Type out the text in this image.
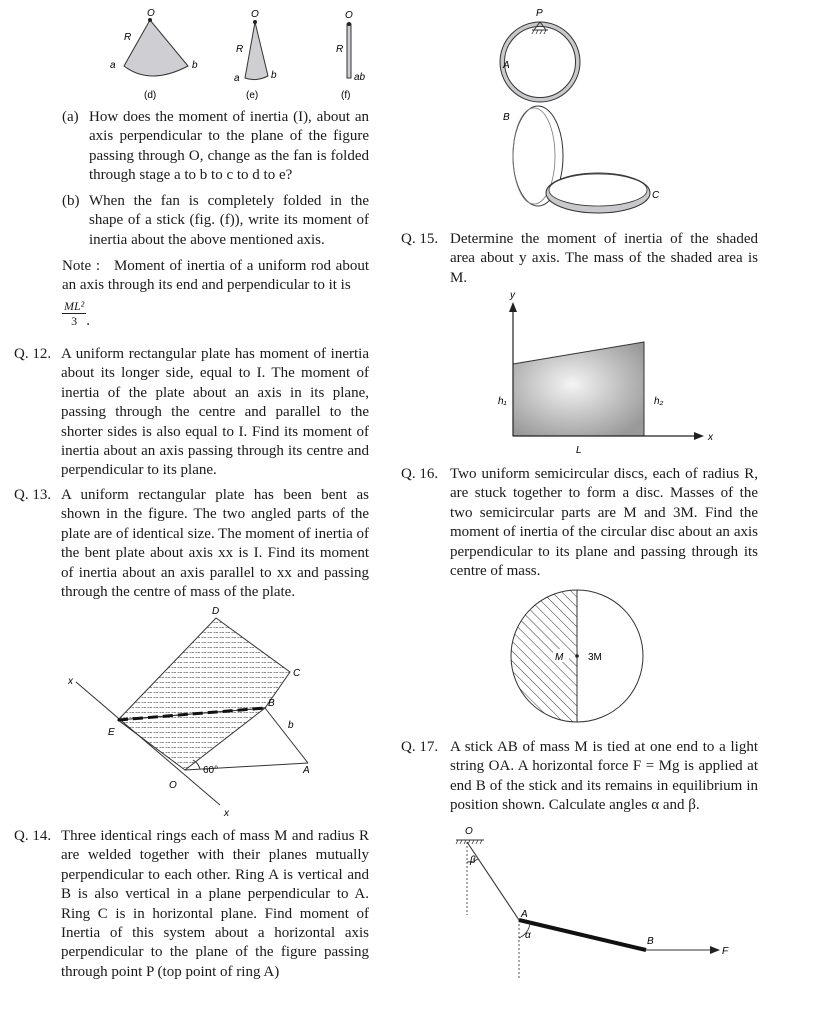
O
R
a	b
(d)
O
R
a	b
(e)
O
R
ab
(f)
(a) How does the moment of inertia (I), about an axis perpendicular to the plane of the figure passing through O, change as the fan is folded through stage a to b to c to d to e?
(b) When the fan is completely folded in the shape of a stick (fig. (f)), write its moment of inertia about the above mentioned axis.
Note : Moment of inertia of a uniform rod about an axis through its end and perpendicular to it is
$\frac{\text{ML²}}{3}$ .
Q. 12. A uniform rectangular plate has moment of inertia about its longer side, equal to I. The moment of inertia of the plate about an axis in its plane, passing through the centre and parallel to the shorter sides is also equal to I. Find its moment of inertia about an axis passing through its centre and perpendicular to its plane.
Q. 13. A uniform rectangular plate has been bent as shown in the figure. The two angled parts of the plate are of identical size. The moment of inertia of the bent plate about axis xx is I. Find its moment of inertia about an axis parallel to xx and passing through the centre of mass of the plate.
D
C
B
b
E
A
O
x
x
60°
Q. 14. Three identical rings each of mass M and radius R are welded together with their planes mutually perpendicular to each other. Ring A is vertical and B is also vertical in a plane perpendicular to A. Ring C is in horizontal plane. Find moment of Inertia of this system about a horizontal axis perpendicular to the plane of the figure passing through point P (top point of ring A)
P
A
B
C
Q. 15. Determine the moment of inertia of the shaded area about y axis. The mass of the shaded area is M.
y
x
h₁	h₂
L
Q. 16. Two uniform semicircular discs, each of radius R, are stuck together to form a disc. Masses of the two semicircular parts are M and 3M. Find the moment of inertia of the circular disc about an axis perpendicular to its plane and passing through its centre of mass.
M 3M
Q. 17. A stick AB of mass M is tied at one end to a light string OA. A horizontal force F = Mg is applied at end B of the stick and its remains in equilibrium in position shown. Calculate angles α and β.
O
β
A
α
B
F
